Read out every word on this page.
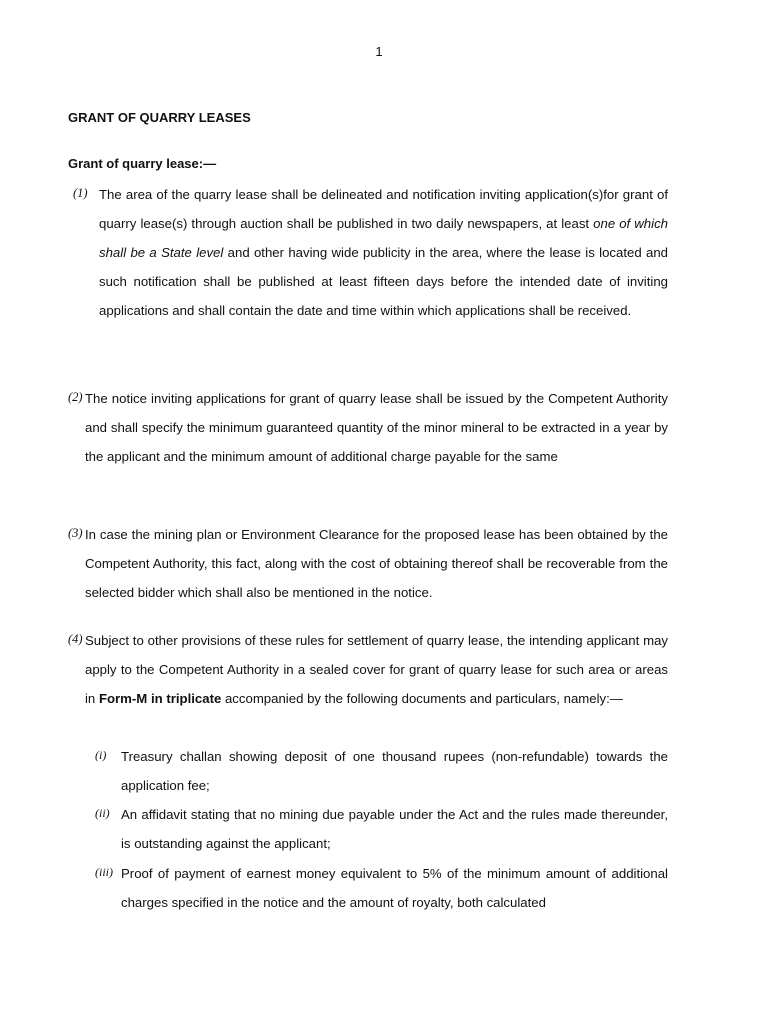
1
GRANT OF QUARRY LEASES
Grant of quarry lease:—
(1) The area of the quarry lease shall be delineated and notification inviting application(s)for grant of quarry lease(s) through auction shall be published in two daily newspapers, at least one of which shall be a State level and other having wide publicity in the area, where the lease is located and such notification shall be published at least fifteen days before the intended date of inviting applications and shall contain the date and time within which applications shall be received.
(2) The notice inviting applications for grant of quarry lease shall be issued by the Competent Authority and shall specify the minimum guaranteed quantity of the minor mineral to be extracted in a year by the applicant and the minimum amount of additional charge payable for the same
(3) In case the mining plan or Environment Clearance for the proposed lease has been obtained by the Competent Authority, this fact, along with the cost of obtaining thereof shall be recoverable from the selected bidder which shall also be mentioned in the notice.
(4) Subject to other provisions of these rules for settlement of quarry lease, the intending applicant may apply to the Competent Authority in a sealed cover for grant of quarry lease for such area or areas in Form-M in triplicate accompanied by the following documents and particulars, namely:—
(i) Treasury challan showing deposit of one thousand rupees (non-refundable) towards the application fee;
(ii) An affidavit stating that no mining due payable under the Act and the rules made thereunder, is outstanding against the applicant;
(iii) Proof of payment of earnest money equivalent to 5% of the minimum amount of additional charges specified in the notice and the amount of royalty, both calculated
